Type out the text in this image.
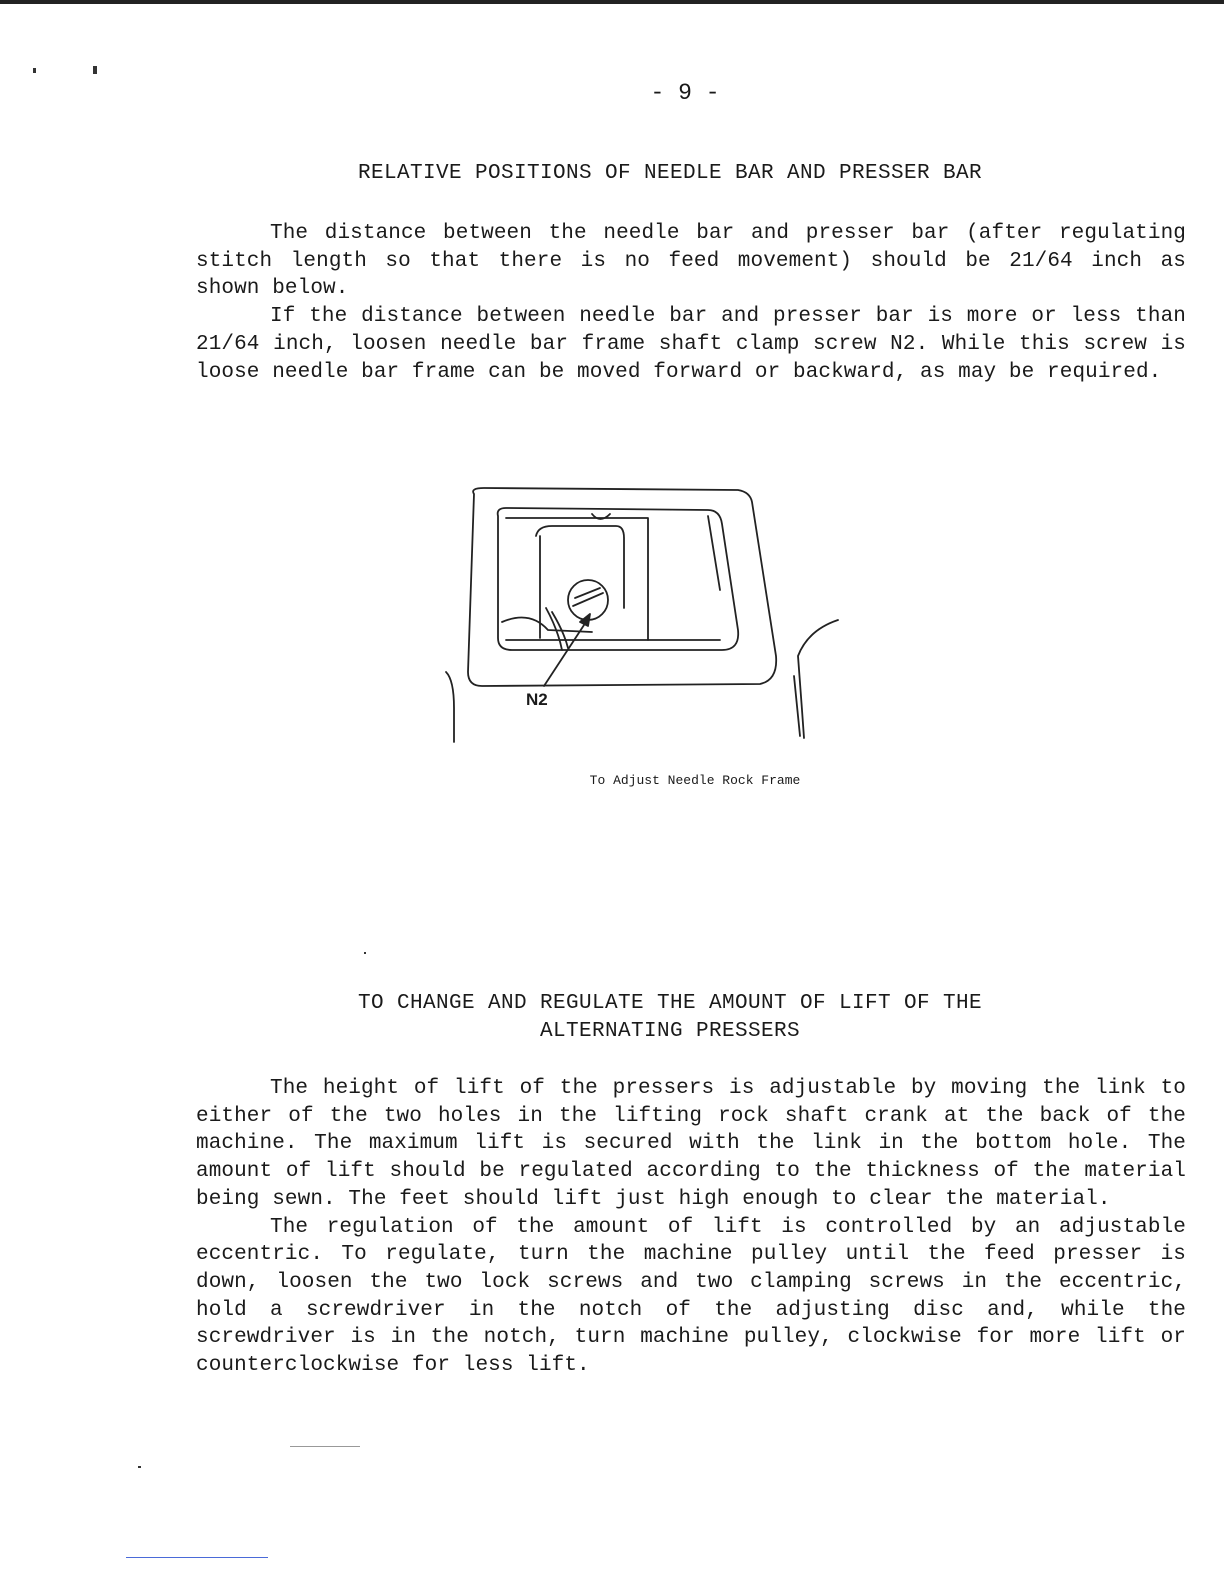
- 9 -
RELATIVE POSITIONS OF NEEDLE BAR AND PRESSER BAR

The distance between the needle bar and presser bar (after regulating stitch length so that there is no feed movement) should be 21/64 inch as shown below.

If the distance between needle bar and presser bar is more or less than 21/64 inch, loosen needle bar frame shaft clamp screw N2. While this screw is loose needle bar frame can be moved forward or backward, as may be required.

N2
To Adjust Needle Rock Frame
TO CHANGE AND REGULATE THE AMOUNT OF LIFT OF THE
ALTERNATING PRESSERS

The height of lift of the pressers is adjustable by moving the link to either of the two holes in the lifting rock shaft crank at the back of the machine. The maximum lift is secured with the link in the bottom hole. The amount of lift should be regulated according to the thickness of the material being sewn. The feet should lift just high enough to clear the material.

The regulation of the amount of lift is controlled by an adjustable eccentric. To regulate, turn the machine pulley until the feed presser is down, loosen the two lock screws and two clamping screws in the eccentric, hold a screwdriver in the notch of the adjusting disc and, while the screwdriver is in the notch, turn machine pulley, clockwise for more lift or counterclockwise for less lift.
